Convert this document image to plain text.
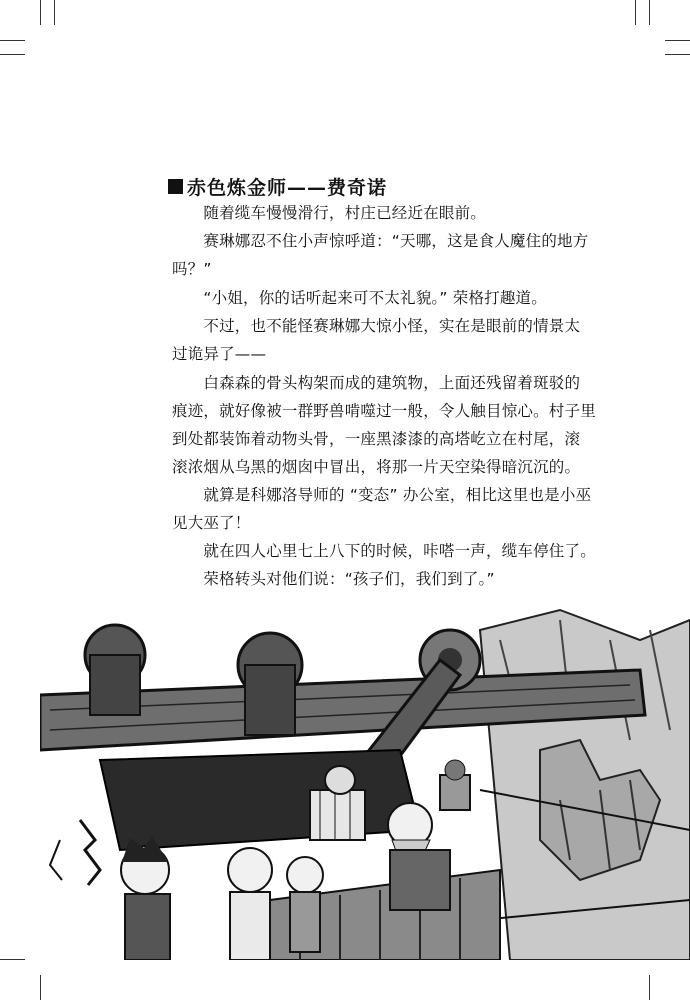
赤色炼金师——费奇诺

　　随着缆车慢慢滑行，村庄已经近在眼前。

　　赛琳娜忍不住小声惊呼道：“天哪，这是食人魔住的地方
吗？”

　　“小姐，你的话听起来可不太礼貌。” 荣格打趣道。

　　不过，也不能怪赛琳娜大惊小怪，实在是眼前的情景太
过诡异了——

　　白森森的骨头构架而成的建筑物，上面还残留着斑驳的
痕迹，就好像被一群野兽啃噬过一般，令人触目惊心。村子里
到处都装饰着动物头骨，一座黑漆漆的高塔屹立在村尾，滚
滚浓烟从乌黑的烟囱中冒出，将那一片天空染得暗沉沉的。

　　就算是科娜洛导师的 “变态” 办公室，相比这里也是小巫
见大巫了！

　　就在四人心里七上八下的时候，咔嗒一声，缆车停住了。

　　荣格转头对他们说：“孩子们，我们到了。”
